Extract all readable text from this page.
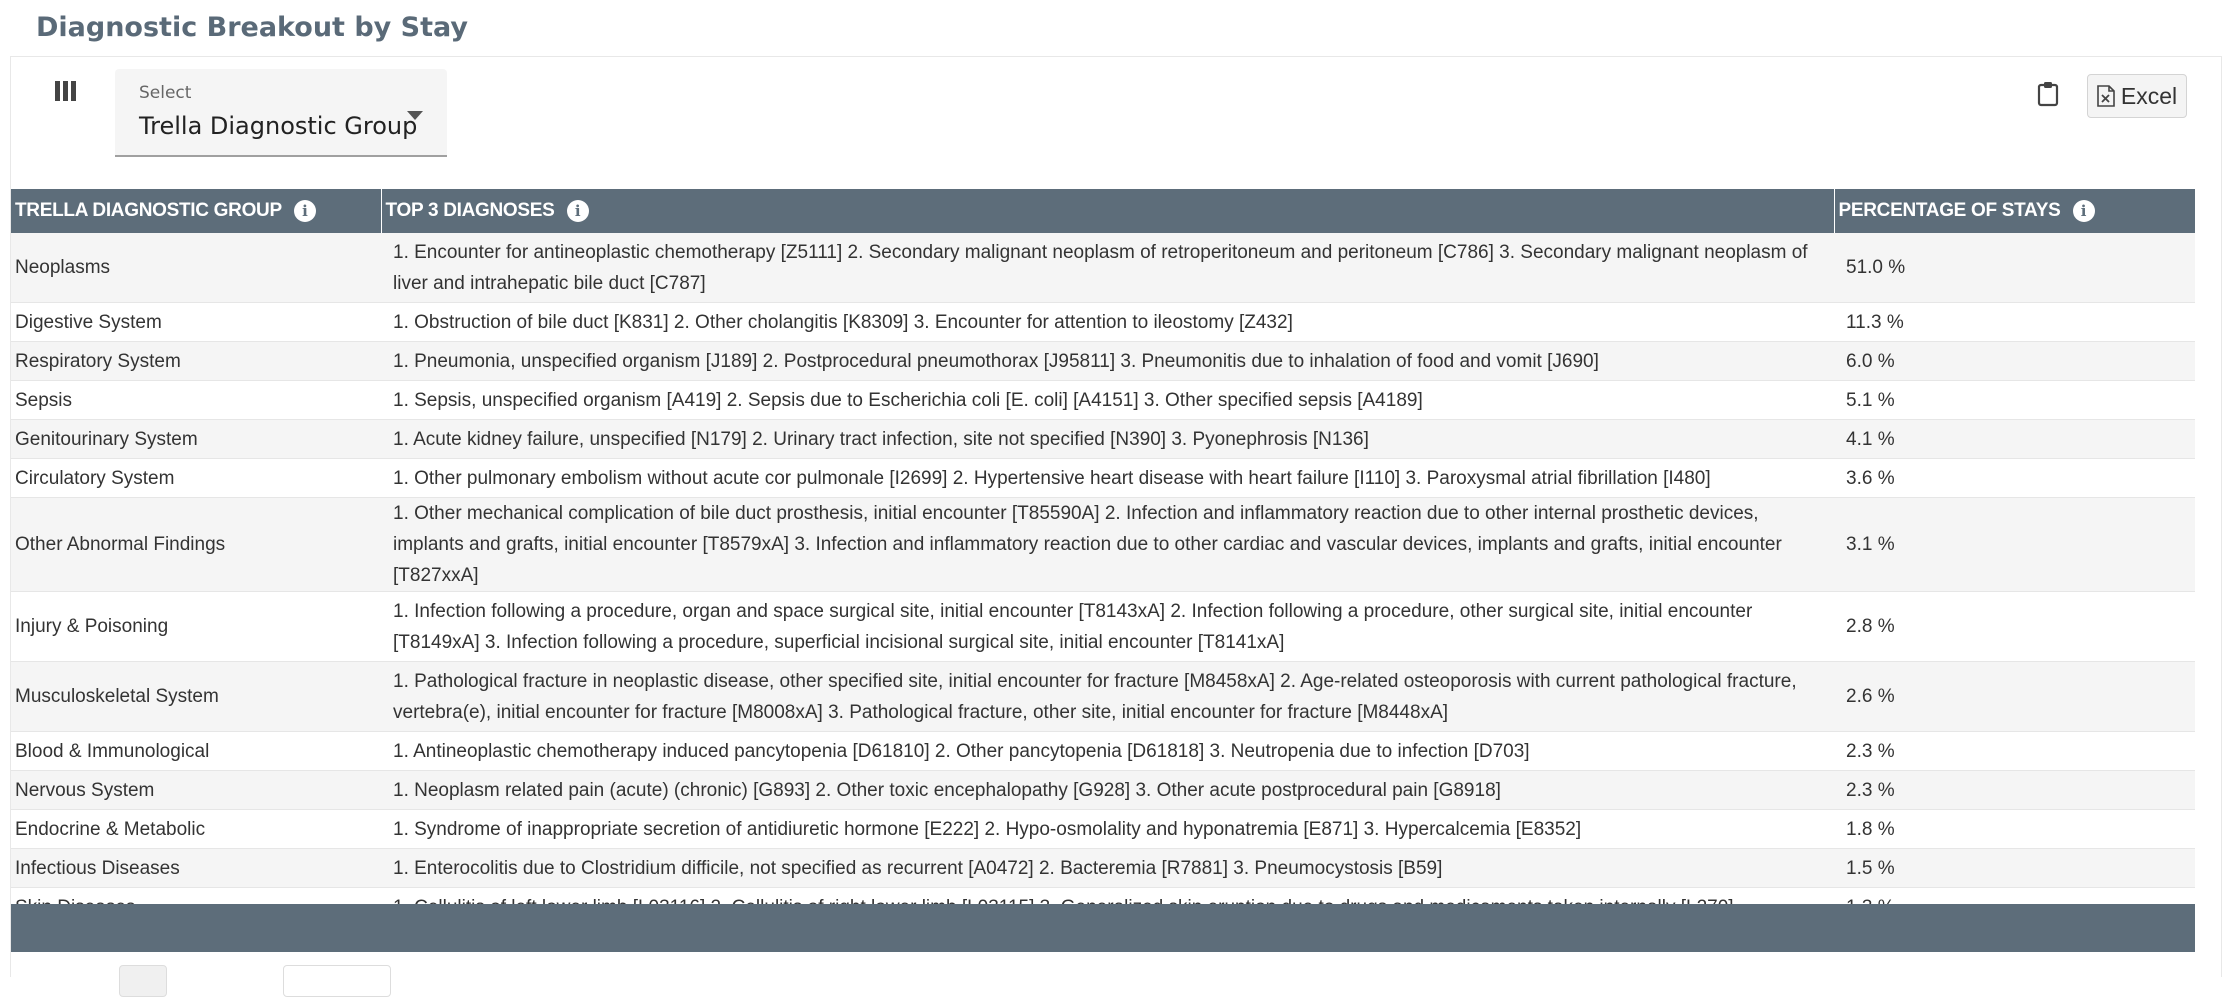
Diagnostic Breakout by Stay
Select
Trella Diagnostic Group
Excel
TRELLA DIAGNOSTIC GROUP i	TOP 3 DIAGNOSES i	PERCENTAGE OF STAYS i

Neoplasms	1. Encounter for antineoplastic chemotherapy [Z5111] 2. Secondary malignant neoplasm of retroperitoneum and peritoneum [C786] 3. Secondary malignant neoplasm of liver and intrahepatic bile duct [C787]	51.0 %
Digestive System	1. Obstruction of bile duct [K831] 2. Other cholangitis [K8309] 3. Encounter for attention to ileostomy [Z432]	11.3 %
Respiratory System	1. Pneumonia, unspecified organism [J189] 2. Postprocedural pneumothorax [J95811] 3. Pneumonitis due to inhalation of food and vomit [J690]	6.0 %
Sepsis	1. Sepsis, unspecified organism [A419] 2. Sepsis due to Escherichia coli [E. coli] [A4151] 3. Other specified sepsis [A4189]	5.1 %
Genitourinary System	1. Acute kidney failure, unspecified [N179] 2. Urinary tract infection, site not specified [N390] 3. Pyonephrosis [N136]	4.1 %
Circulatory System	1. Other pulmonary embolism without acute cor pulmonale [I2699] 2. Hypertensive heart disease with heart failure [I110] 3. Paroxysmal atrial fibrillation [I480]	3.6 %
Other Abnormal Findings	1. Other mechanical complication of bile duct prosthesis, initial encounter [T85590A] 2. Infection and inflammatory reaction due to other internal prosthetic devices, implants and grafts, initial encounter [T8579xA] 3. Infection and inflammatory reaction due to other cardiac and vascular devices, implants and grafts, initial encounter [T827xxA]	3.1 %
Injury & Poisoning	1. Infection following a procedure, organ and space surgical site, initial encounter [T8143xA] 2. Infection following a procedure, other surgical site, initial encounter [T8149xA] 3. Infection following a procedure, superficial incisional surgical site, initial encounter [T8141xA]	2.8 %
Musculoskeletal System	1. Pathological fracture in neoplastic disease, other specified site, initial encounter for fracture [M8458xA] 2. Age-related osteoporosis with current pathological fracture, vertebra(e), initial encounter for fracture [M8008xA] 3. Pathological fracture, other site, initial encounter for fracture [M8448xA]	2.6 %
Blood & Immunological	1. Antineoplastic chemotherapy induced pancytopenia [D61810] 2. Other pancytopenia [D61818] 3. Neutropenia due to infection [D703]	2.3 %
Nervous System	1. Neoplasm related pain (acute) (chronic) [G893] 2. Other toxic encephalopathy [G928] 3. Other acute postprocedural pain [G8918]	2.3 %
Endocrine & Metabolic	1. Syndrome of inappropriate secretion of antidiuretic hormone [E222] 2. Hypo-osmolality and hyponatremia [E871] 3. Hypercalcemia [E8352]	1.8 %
Infectious Diseases	1. Enterocolitis due to Clostridium difficile, not specified as recurrent [A0472] 2. Bacteremia [R7881] 3. Pneumocystosis [B59]	1.5 %
